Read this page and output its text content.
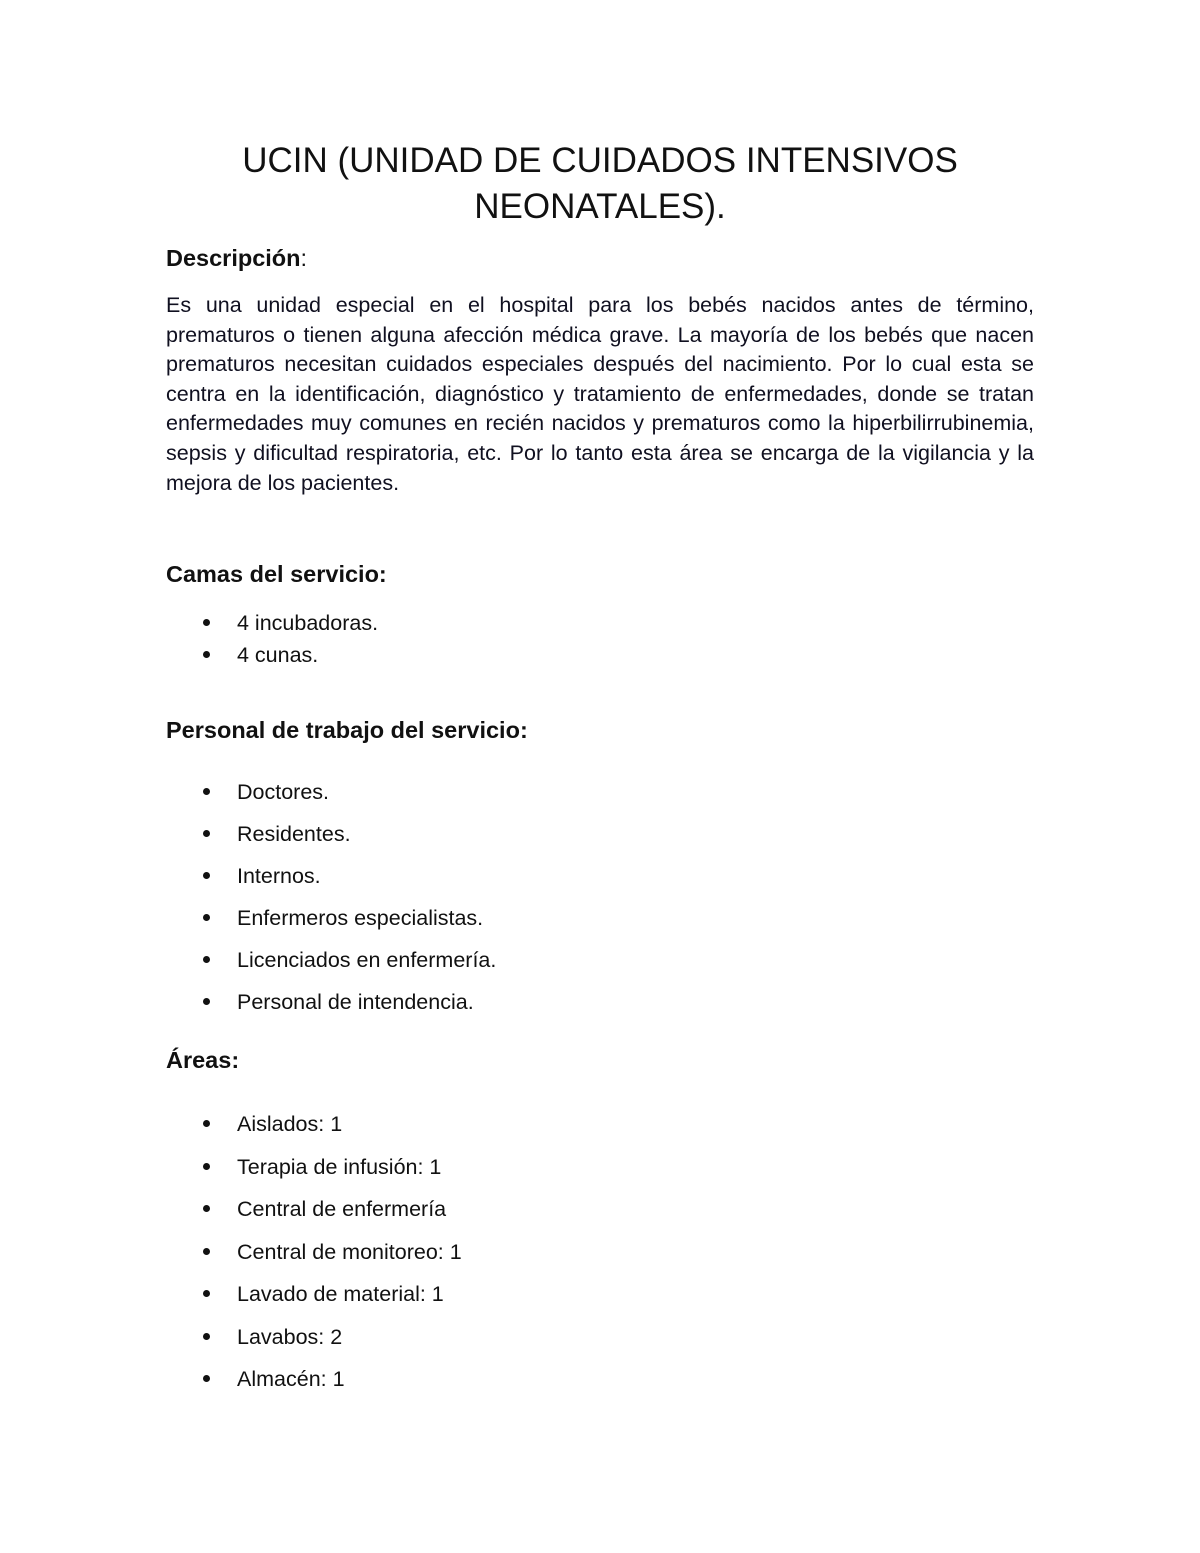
UCIN (UNIDAD DE CUIDADOS INTENSIVOS
NEONATALES).
Descripción:

Es una unidad especial en el hospital para los bebés nacidos antes de término, prematuros o tienen alguna afección médica grave. La mayoría de los bebés que nacen prematuros necesitan cuidados especiales después del nacimiento. Por lo cual esta se centra en la identificación, diagnóstico y tratamiento de enfermedades, donde se tratan enfermedades muy comunes en recién nacidos y prematuros como la hiperbilirrubinemia, sepsis y dificultad respiratoria, etc. Por lo tanto esta área se encarga de la vigilancia y la mejora de los pacientes.

Camas del servicio:
4 incubadoras.
4 cunas.
Personal de trabajo del servicio:
Doctores.
Residentes.
Internos.
Enfermeros especialistas.
Licenciados en enfermería.
Personal de intendencia.
Áreas:
Aislados: 1
Terapia de infusión: 1
Central de enfermería
Central de monitoreo: 1
Lavado de material: 1
Lavabos: 2
Almacén: 1
